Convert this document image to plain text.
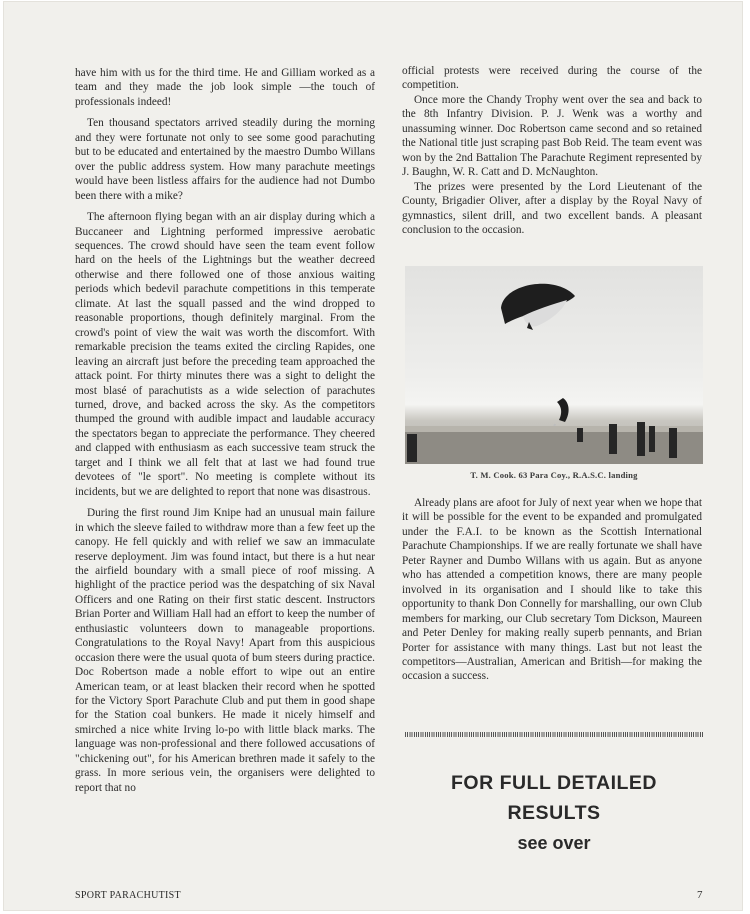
have him with us for the third time. He and Gilliam worked as a team and they made the job look simple —the touch of professionals indeed!

Ten thousand spectators arrived steadily during the morning and they were fortunate not only to see some good parachuting but to be educated and entertained by the maestro Dumbo Willans over the public address system. How many parachute meetings would have been listless affairs for the audience had not Dumbo been there with a mike?

The afternoon flying began with an air display during which a Buccaneer and Lightning performed impressive aerobatic sequences. The crowd should have seen the team event follow hard on the heels of the Lightnings but the weather decreed otherwise and there followed one of those anxious waiting periods which bedevil parachute competitions in this temperate climate. At last the squall passed and the wind dropped to reasonable proportions, though definitely marginal. From the crowd's point of view the wait was worth the discomfort. With remarkable precision the teams exited the circling Rapides, one leaving an aircraft just before the preceding team approached the attack point. For thirty minutes there was a sight to delight the most blasé of parachutists as a wide selection of parachutes turned, drove, and backed across the sky. As the competitors thumped the ground with audible impact and laudable accuracy the spectators began to appreciate the performance. They cheered and clapped with enthusiasm as each successive team struck the target and I think we all felt that at last we had found true devotees of "le sport". No meeting is complete without its incidents, but we are delighted to report that none was disastrous.

During the first round Jim Knipe had an unusual main failure in which the sleeve failed to withdraw more than a few feet up the canopy. He fell quickly and with relief we saw an immaculate reserve deployment. Jim was found intact, but there is a hut near the airfield boundary with a small piece of roof missing. A highlight of the practice period was the despatching of six Naval Officers and one Rating on their first static descent. Instructors Brian Porter and William Hall had an effort to keep the number of enthusiastic volunteers down to manageable proportions. Congratulations to the Royal Navy! Apart from this auspicious occasion there were the usual quota of bum steers during practice. Doc Robertson made a noble effort to wipe out an entire American team, or at least blacken their record when he spotted for the Victory Sport Parachute Club and put them in good shape for the Station coal bunkers. He made it nicely himself and smirched a nice white Irving lo-po with little black marks. The language was non-professional and there followed accusations of "chickening out", for his American brethren made it safely to the grass. In more serious vein, the organisers were delighted to report that no

official protests were received during the course of the competition.

Once more the Chandy Trophy went over the sea and back to the 8th Infantry Division. P. J. Wenk was a worthy and unassuming winner. Doc Robertson came second and so retained the National title just scraping past Bob Reid. The team event was won by the 2nd Battalion The Parachute Regiment represented by J. Baughn, W. R. Catt and D. McNaughton.

The prizes were presented by the Lord Lieutenant of the County, Brigadier Oliver, after a display by the Royal Navy of gymnastics, silent drill, and two excellent bands. A pleasant conclusion to the occasion.

Already plans are afoot for July of next year when we hope that it will be possible for the event to be expanded and promulgated under the F.A.I. to be known as the Scottish International Parachute Championships. If we are really fortunate we shall have Peter Rayner and Dumbo Willans with us again. But as anyone who has attended a competition knows, there are many people involved in its organisation and I should like to take this opportunity to thank Don Connelly for marshalling, our own Club members for marking, our Club secretary Tom Dickson, Maureen and Peter Denley for making really superb pennants, and Brian Porter for assistance with many things. Last but not least the competitors—Australian, American and British—for making the occasion a success.

T. M. Cook. 63 Para Coy., R.A.S.C. landing
FOR FULL DETAILED
RESULTS
see over
SPORT PARACHUTIST	7
